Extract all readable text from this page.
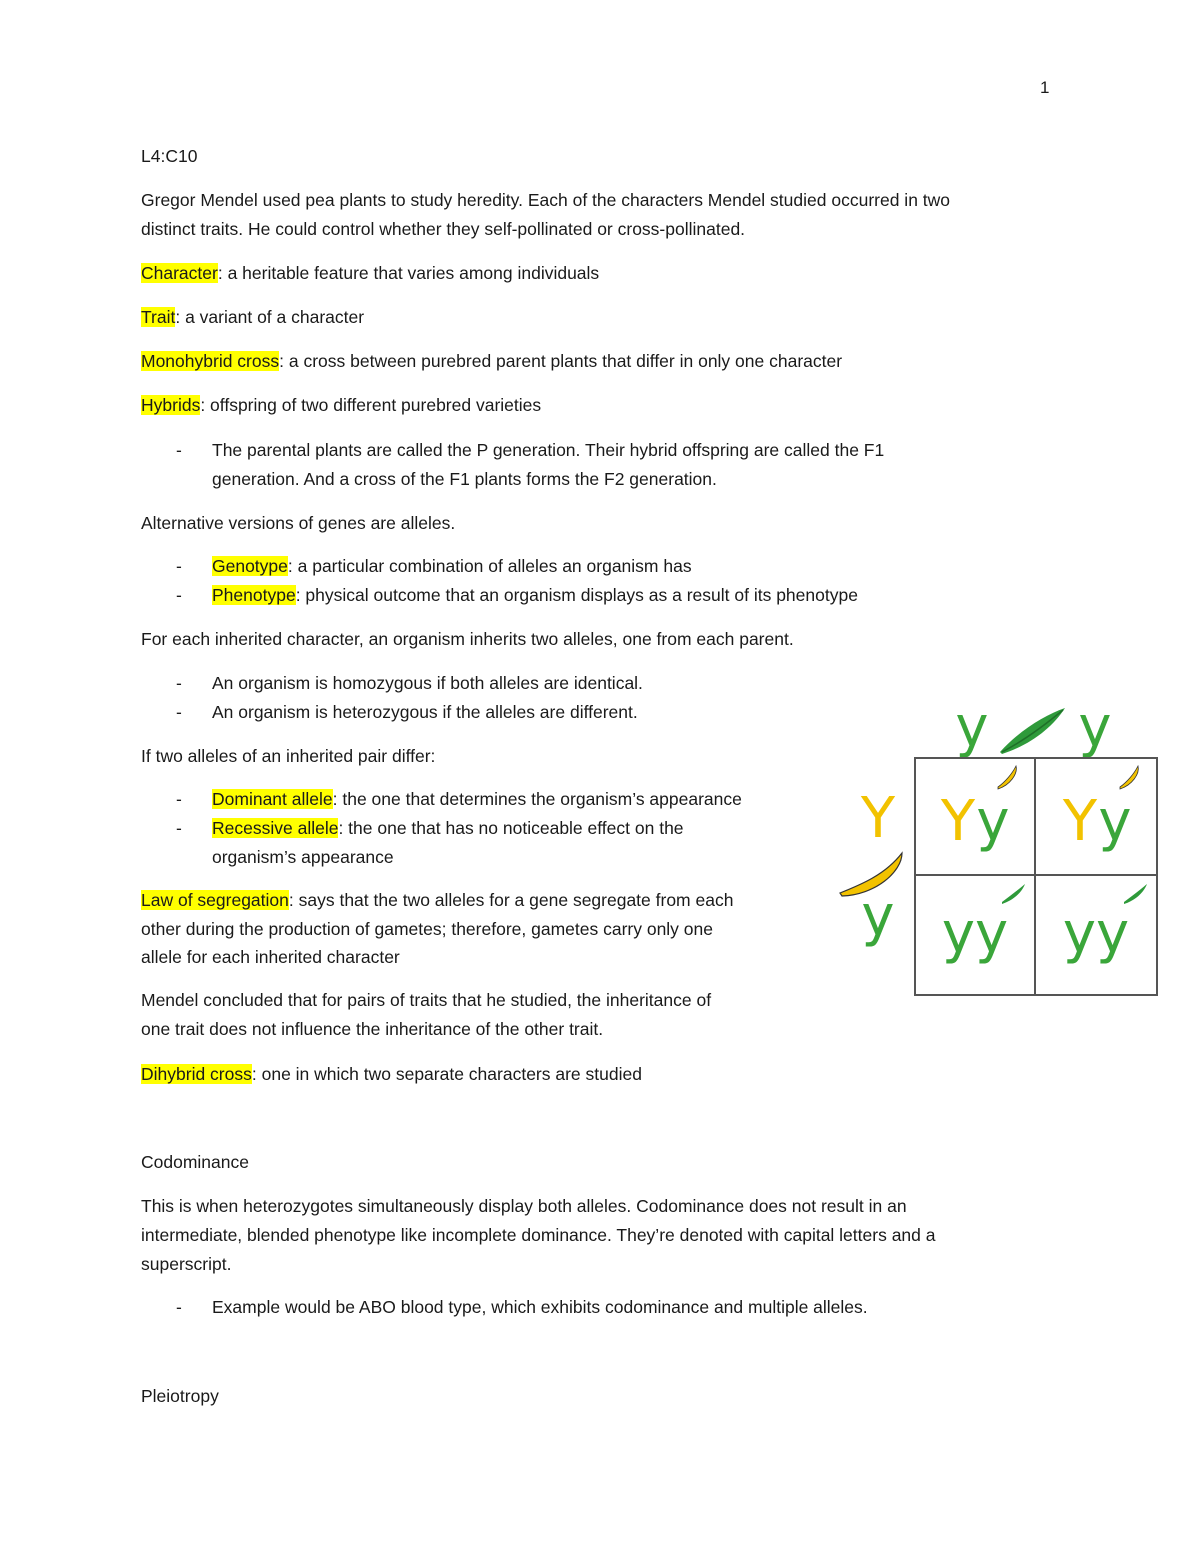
1
L4:C10
Gregor Mendel used pea plants to study heredity. Each of the characters Mendel studied occurred in two
distinct traits. He could control whether they self-pollinated or cross-pollinated.
Character: a heritable feature that varies among individuals
Trait: a variant of a character
Monohybrid cross: a cross between purebred parent plants that differ in only one character
Hybrids: offspring of two different purebred varieties
- The parental plants are called the P generation. Their hybrid offspring are called the F1
generation. And a cross of the F1 plants forms the F2 generation.
Alternative versions of genes are alleles.
- Genotype: a particular combination of alleles an organism has
- Phenotype: physical outcome that an organism displays as a result of its phenotype
For each inherited character, an organism inherits two alleles, one from each parent.
- An organism is homozygous if both alleles are identical.
- An organism is heterozygous if the alleles are different.
If two alleles of an inherited pair differ:
- Dominant allele: the one that determines the organism’s appearance
- Recessive allele: the one that has no noticeable effect on the
organism’s appearance
Law of segregation: says that the two alleles for a gene segregate from each
other during the production of gametes; therefore, gametes carry only one
allele for each inherited character
Mendel concluded that for pairs of traits that he studied, the inheritance of
one trait does not influence the inheritance of the other trait.
Dihybrid cross: one in which two separate characters are studied
Codominance
This is when heterozygotes simultaneously display both alleles. Codominance does not result in an
intermediate, blended phenotype like incomplete dominance. They’re denoted with capital letters and a
superscript.
- Example would be ABO blood type, which exhibits codominance and multiple alleles.
Pleiotropy
y y
Y
y
Y y Y y
yy yy
